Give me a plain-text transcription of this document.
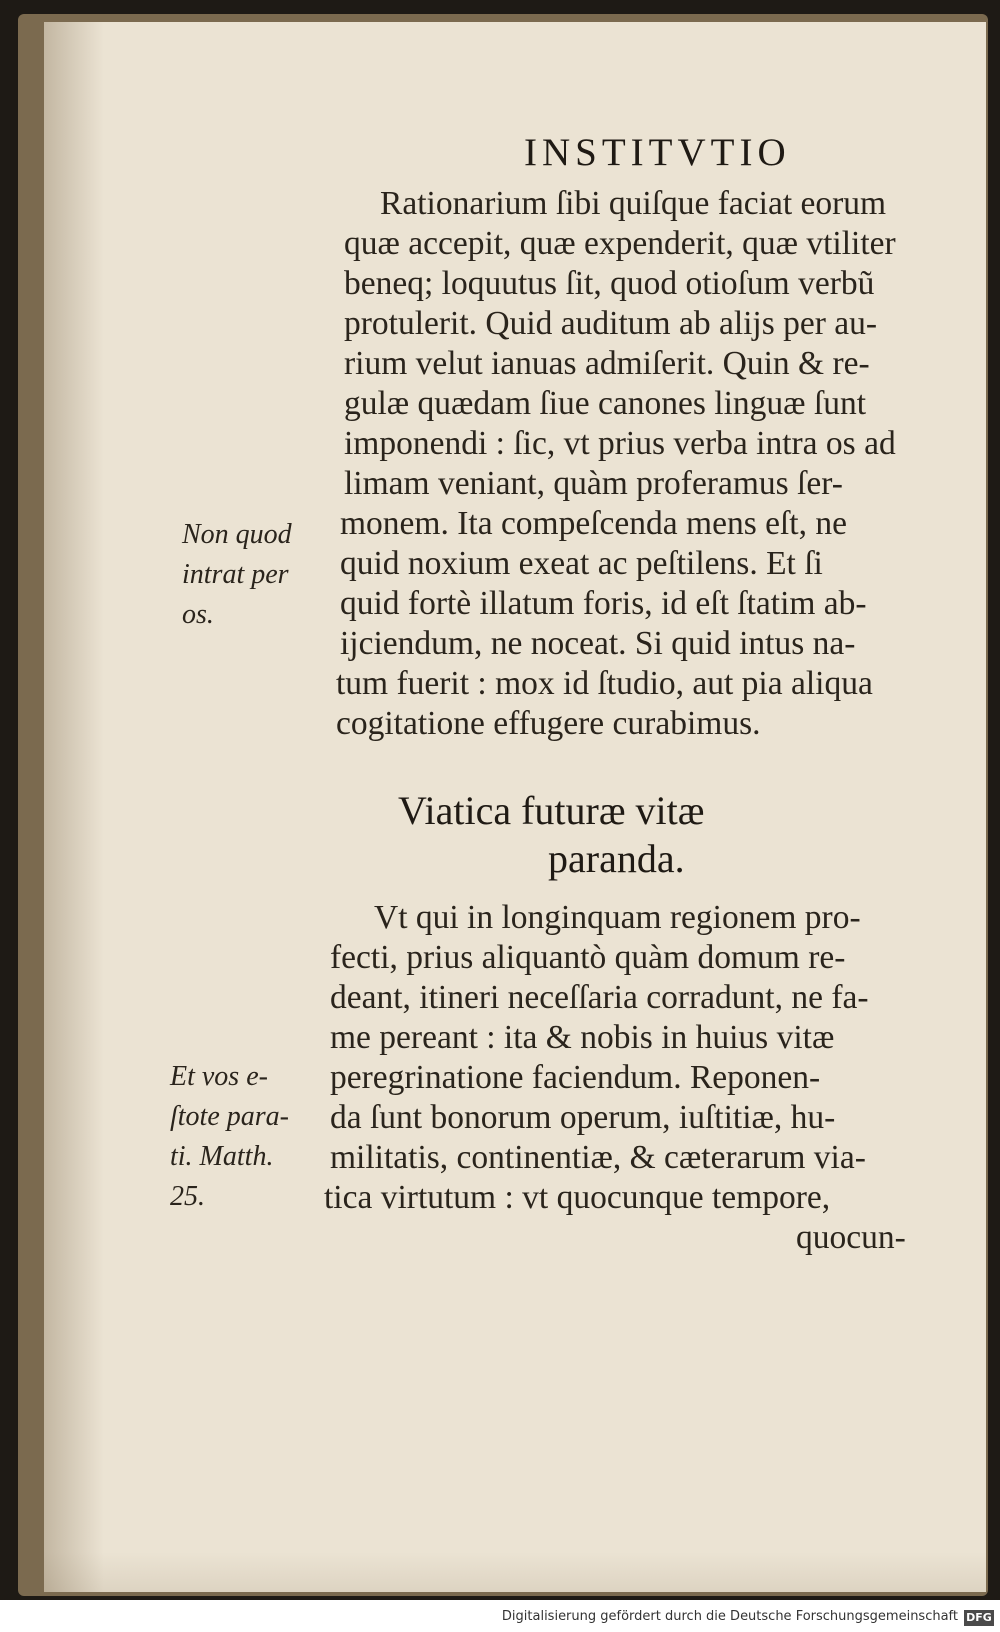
INSTITVTIO
Rationarium ſibi quiſque faciat eorum
quæ accepit, quæ expenderit, quæ vtiliter
beneq; loquutus ſit, quod otioſum verbũ
protulerit. Quid auditum ab alijs per au-
rium velut ianuas admiſerit. Quin & re-
gulæ quædam ſiue canones linguæ ſunt
imponendi : ſic, vt prius verba intra os ad
limam veniant, quàm proferamus ſer-
monem. Ita compeſcenda mens eſt, ne
quid noxium exeat ac peſtilens. Et ſi
quid fortè illatum foris, id eſt ſtatim ab-
ijciendum, ne noceat. Si quid intus na-
tum fuerit : mox id ſtudio, aut pia aliqua
cogitatione effugere curabimus.
Non quod
intrat per
os.
Viatica futuræ vitæ
paranda.
Vt qui in longinquam regionem pro-
fecti, prius aliquantò quàm domum re-
deant, itineri neceſſaria corradunt, ne fa-
me pereant : ita & nobis in huius vitæ
peregrinatione faciendum. Reponen-
da ſunt bonorum operum, iuſtitiæ, hu-
militatis, continentiæ, & cæterarum via-
tica virtutum : vt quocunque tempore,
quocun-
Et vos e-
ſtote para-
ti. Matth.
25.
Digitalisierung gefördert durch die Deutsche Forschungsgemeinschaft DFG
